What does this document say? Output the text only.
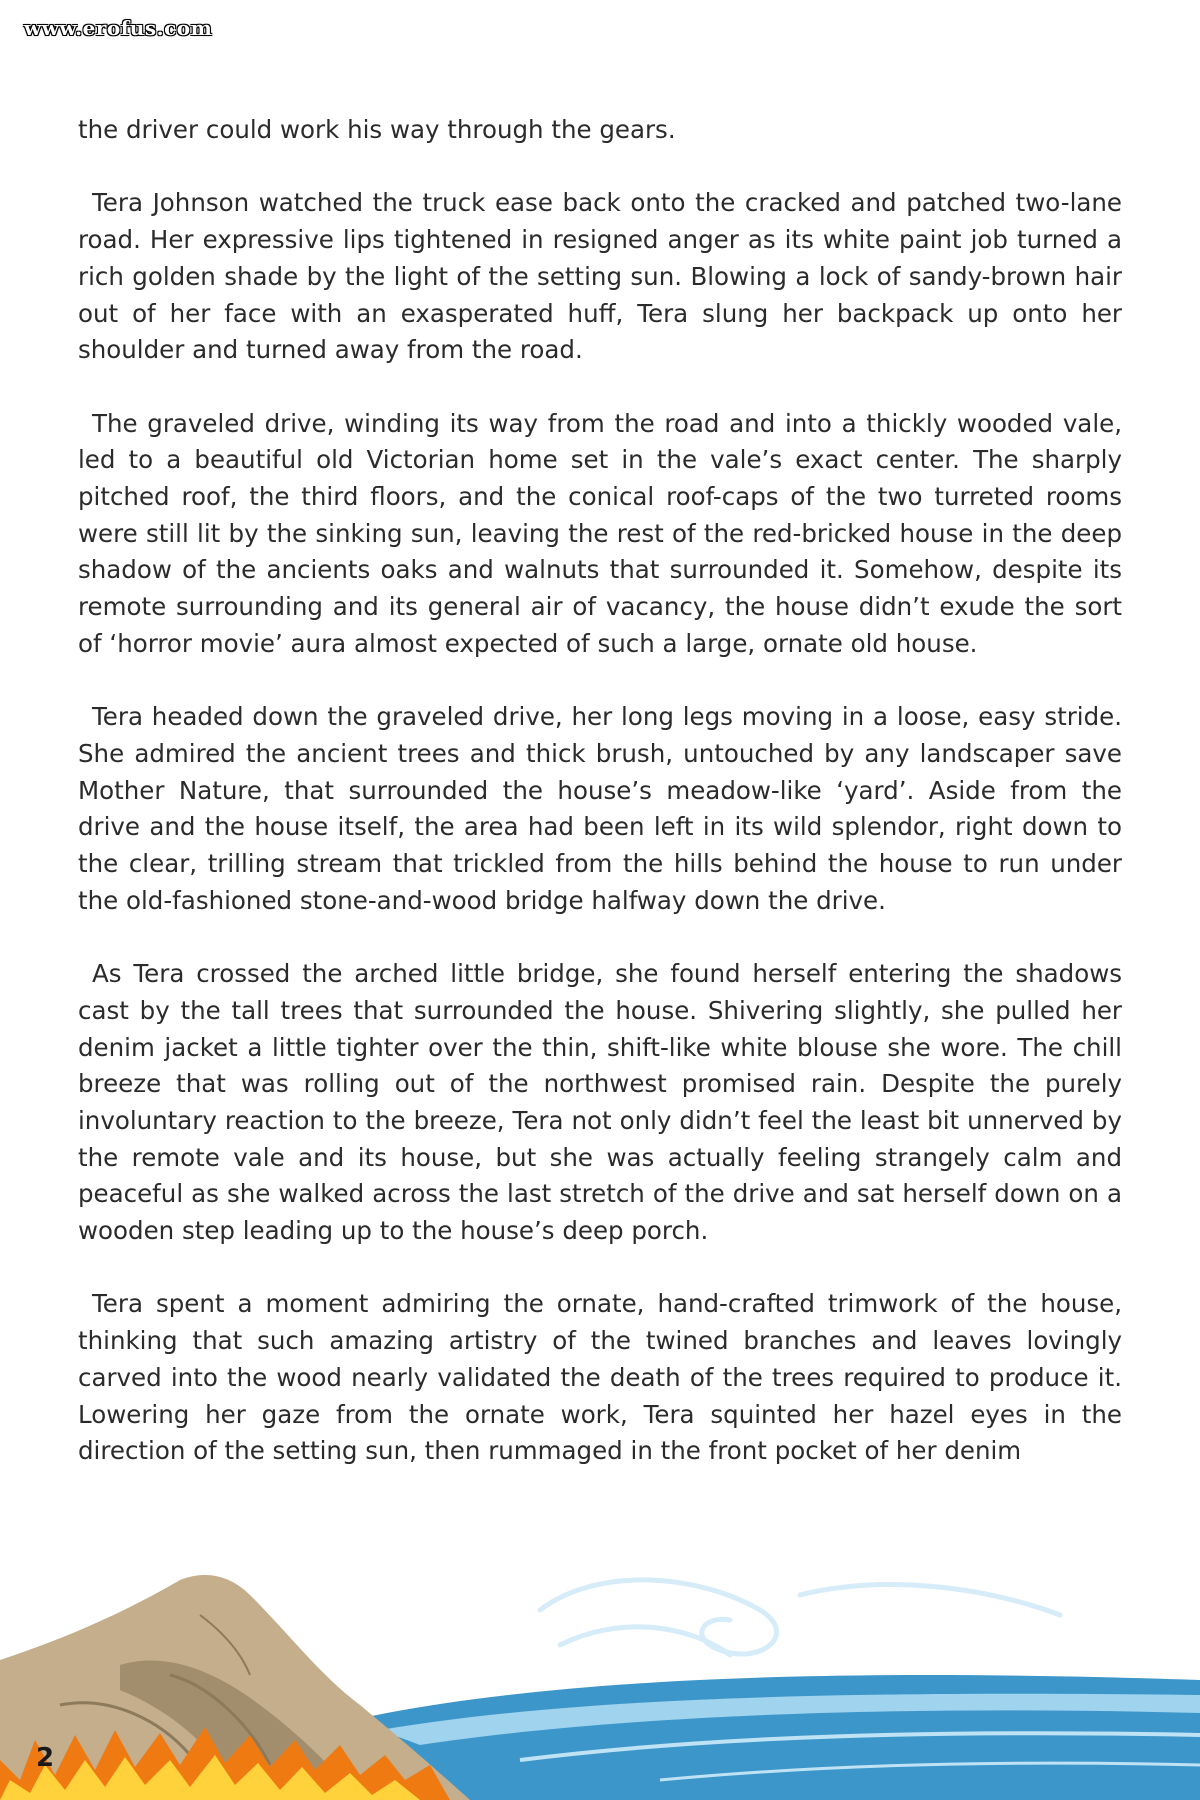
www.erofus.com

the driver could work his way through the gears.

Tera Johnson watched the truck ease back onto the cracked and patched two-lane road. Her expressive lips tightened in resigned anger as its white paint job turned a rich golden shade by the light of the setting sun. Blowing a lock of sandy-brown hair out of her face with an exasperated huff, Tera slung her backpack up onto her shoulder and turned away from the road.

The graveled drive, winding its way from the road and into a thickly wooded vale, led to a beautiful old Victorian home set in the vale’s exact center. The sharply pitched roof, the third floors, and the conical roof-caps of the two turreted rooms were still lit by the sinking sun, leaving the rest of the red-bricked house in the deep shadow of the ancients oaks and walnuts that surrounded it. Somehow, despite its remote surrounding and its general air of vacancy, the house didn’t exude the sort of ‘horror movie’ aura almost expected of such a large, ornate old house.

Tera headed down the graveled drive, her long legs moving in a loose, easy stride. She admired the ancient trees and thick brush, untouched by any landscaper save Mother Nature, that surrounded the house’s meadow-like ‘yard’. Aside from the drive and the house itself, the area had been left in its wild splendor, right down to the clear, trilling stream that trickled from the hills behind the house to run under the old-fashioned stone-and-wood bridge halfway down the drive.

As Tera crossed the arched little bridge, she found herself entering the shadows cast by the tall trees that surrounded the house. Shivering slightly, she pulled her denim jacket a little tighter over the thin, shift-like white blouse she wore. The chill breeze that was rolling out of the northwest promised rain. Despite the purely involuntary reaction to the breeze, Tera not only didn’t feel the least bit unnerved by the remote vale and its house, but she was actually feeling strangely calm and peaceful as she walked across the last stretch of the drive and sat herself down on a wooden step leading up to the house’s deep porch.

Tera spent a moment admiring the ornate, hand-crafted trimwork of the house, thinking that such amazing artistry of the twined branches and leaves lovingly carved into the wood nearly validated the death of the trees required to produce it. Lowering her gaze from the ornate work, Tera squinted her hazel eyes in the direction of the setting sun, then rummaged in the front pocket of her denim

2
